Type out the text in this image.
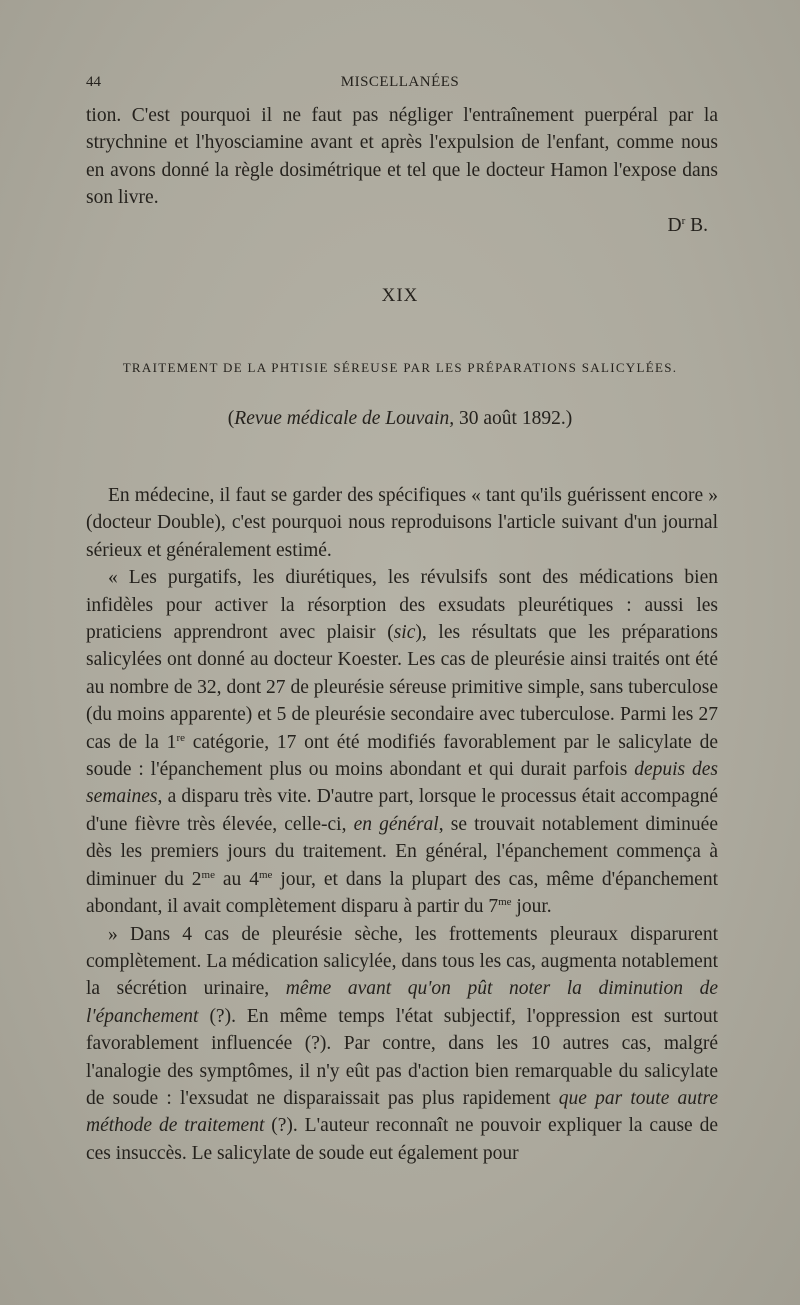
44	MISCELLANÉES

tion. C'est pourquoi il ne faut pas négliger l'entraînement puerpéral par la strychnine et l'hyosciamine avant et après l'expulsion de l'enfant, comme nous en avons donné la règle dosimétrique et tel que le docteur Hamon l'expose dans son livre.

$D^r$ B.

XIX
TRAITEMENT DE LA PHTISIE SÉREUSE PAR LES PRÉPARATIONS SALICYLÉES.
(Revue médicale de Louvain, 30 août 1892.)

En médecine, il faut se garder des spécifiques « tant qu'ils guérissent encore » (docteur Double), c'est pourquoi nous reproduisons l'article suivant d'un journal sérieux et généralement estimé.

« Les purgatifs, les diurétiques, les révulsifs sont des médications bien infidèles pour activer la résorption des exsudats pleurétiques : aussi les praticiens apprendront avec plaisir (sic), les résultats que les préparations salicylées ont donné au docteur Koester. Les cas de pleurésie ainsi traités ont été au nombre de 32, dont 27 de pleurésie séreuse primitive simple, sans tuberculose (du moins apparente) et 5 de pleurésie secondaire avec tuberculose. Parmi les 27 cas de la 1re catégorie, 17 ont été modifiés favorablement par le salicylate de soude : l'épanchement plus ou moins abondant et qui durait parfois depuis des semaines, a disparu très vite. D'autre part, lorsque le processus était accompagné d'une fièvre très élevée, celle-ci, en général, se trouvait notablement diminuée dès les premiers jours du traitement. En général, l'épanchement commença à diminuer du $2^{me}$ au $4^{me}$ jour, et dans la plupart des cas, même d'épanchement abondant, il avait complètement disparu à partir du $7^{me}$ jour.

» Dans 4 cas de pleurésie sèche, les frottements pleuraux disparurent complètement. La médication salicylée, dans tous les cas, augmenta notablement la sécrétion urinaire, même avant qu'on pût noter la diminution de l'épanchement (?). En même temps l'état subjectif, l'oppression est surtout favorablement influencée (?). Par contre, dans les 10 autres cas, malgré l'analogie des symptômes, il n'y eût pas d'action bien remarquable du salicylate de soude : l'exsudat ne disparaissait pas plus rapidement que par toute autre méthode de traitement (?). L'auteur reconnaît ne pouvoir expliquer la cause de ces insuccès. Le salicylate de soude eut également pour
